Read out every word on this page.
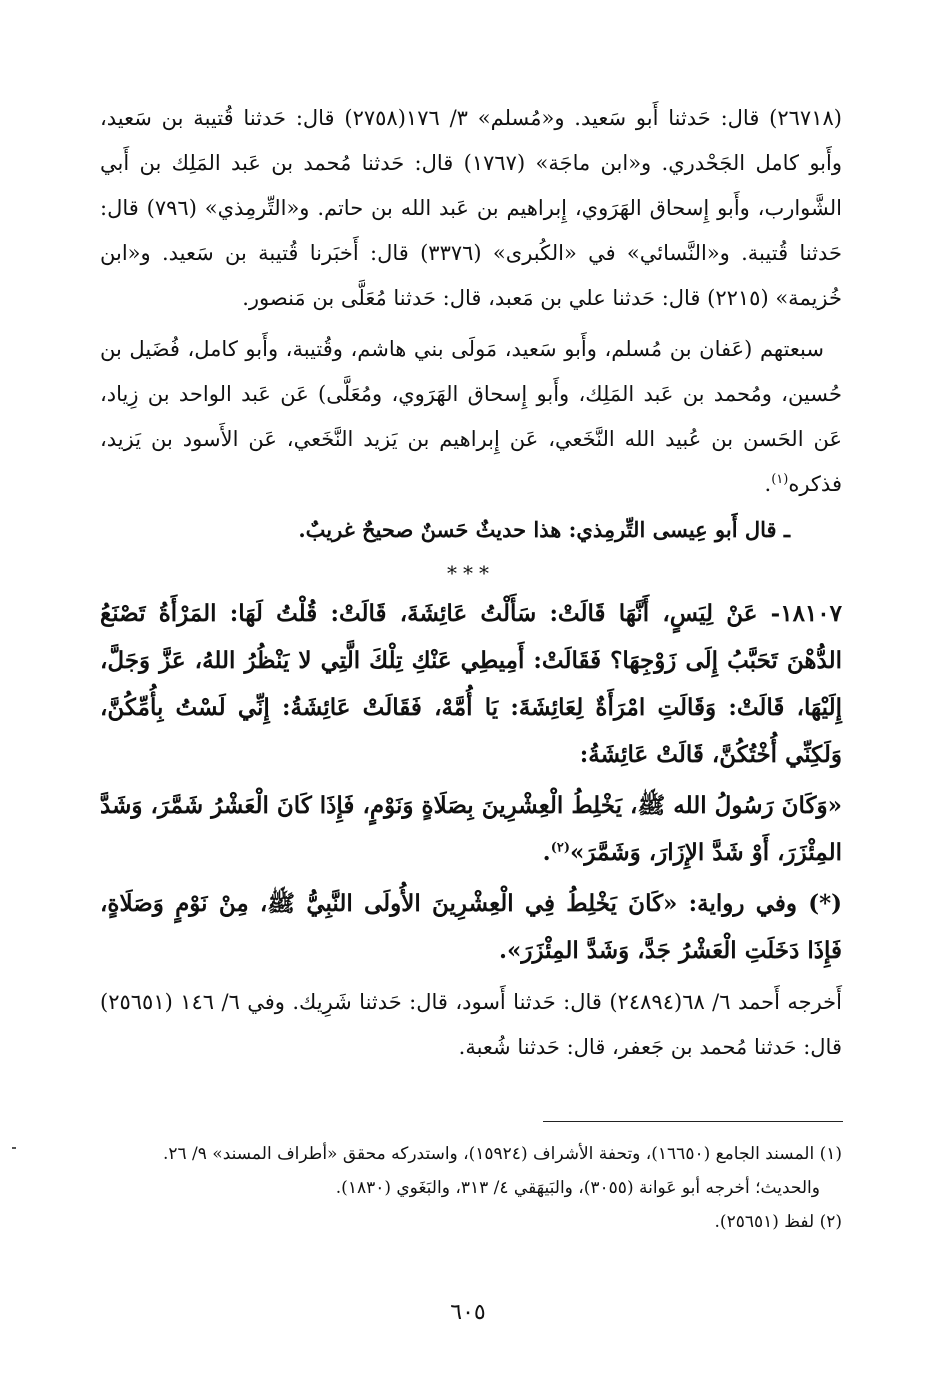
(٢٦٧١٨) قال: حَدثنا أَبو سَعيد. و«مُسلم» ٣/ ١٧٦(٢٧٥٨) قال: حَدثنا قُتيبة بن سَعيد، وأَبو كامل الجَحْدري. و«ابن ماجَة» (١٧٦٧) قال: حَدثنا مُحمد بن عَبد المَلِك بن أَبي الشَّوارب، وأَبو إِسحاق الهَرَوي، إِبراهيم بن عَبد الله بن حاتم. و«التِّرمِذي» (٧٩٦) قال: حَدثنا قُتيبة. و«النَّسائي» في «الكُبرى» (٣٣٧٦) قال: أَخبَرنا قُتيبة بن سَعيد. و«ابن خُزيمة» (٢٢١٥) قال: حَدثنا علي بن مَعبد، قال: حَدثنا مُعَلَّى بن مَنصور.

سبعتهم (عَفان بن مُسلم، وأَبو سَعيد، مَولَى بني هاشم، وقُتيبة، وأَبو كامل، فُضَيل بن حُسين، ومُحمد بن عَبد المَلِك، وأَبو إِسحاق الهَرَوي، ومُعَلَّى) عَن عَبد الواحد بن زِياد، عَن الحَسن بن عُبيد الله النَّخَعي، عَن إِبراهيم بن يَزيد النَّخَعي، عَن الأَسود بن يَزيد، فذكره$^{(١)}$.

ـ قال أَبو عِيسى التِّرمِذي: هذا حديثٌ حَسنٌ صحيحٌ غريبٌ.

***

١٨١٠٧- عَنْ لِيَسٍ، أَنَّهَا قَالَتْ: سَأَلْتُ عَائِشَةَ، قَالَتْ: قُلْتُ لَهَا: المَرْأَةُ تَصْنَعُ الدُّهْنَ تَحَبَّبُ إِلَى زَوْجِهَا؟ فَقَالَتْ: أَمِيطِي عَنْكِ تِلْكَ الَّتِي لا يَنْظُرُ اللهُ، عَزَّ وَجَلَّ، إِلَيْهَا، قَالَتْ: وَقَالَتِ امْرَأَةٌ لِعَائِشَةَ: يَا أُمَّهْ، فَقَالَتْ عَائِشَةُ: إِنِّي لَسْتُ بِأُمِّكُنَّ، وَلَكِنِّي أُخْتُكُنَّ، قَالَتْ عَائِشَةُ:

«وَكَانَ رَسُولُ الله ﷺ، يَخْلِطُ الْعِشْرِينَ بِصَلَاةٍ وَنَوْمٍ، فَإِذَا كَانَ الْعَشْرُ شَمَّرَ، وَشَدَّ المِئْزَرَ، أَوْ شَدَّ الإِزَارَ، وَشَمَّرَ»$^{(٢)}$.

(*) وفي رواية: «كَانَ يَخْلِطُ فِي الْعِشْرِينَ الأُولَى النَّبِيُّ ﷺ، مِنْ نَوْمٍ وَصَلَاةٍ، فَإِذَا دَخَلَتِ الْعَشْرُ جَدَّ، وَشَدَّ المِئْزَرَ».

أَخرجه أَحمد ٦/ ٦٨(٢٤٨٩٤) قال: حَدثنا أَسود، قال: حَدثنا شَرِيك. وفي ٦/ ١٤٦ (٢٥٦٥١) قال: حَدثنا مُحمد بن جَعفر، قال: حَدثنا شُعبة.

(١) المسند الجامع (١٦٦٥٠)، وتحفة الأشراف (١٥٩٢٤)، واستدركه محقق «أطراف المسند» ٩/ ٢٦.

والحديث؛ أخرجه أبو عَوانة (٣٠٥٥)، والبَيهَقي ٤/ ٣١٣، والبَغَوي (١٨٣٠).

(٢) لفظ (٢٥٦٥١).

٦٠٥
